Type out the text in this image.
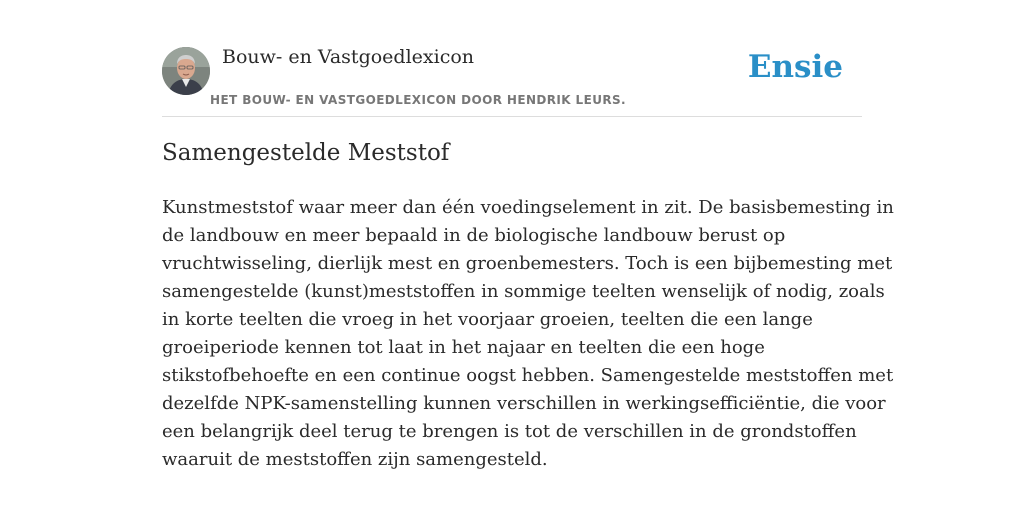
Bouw- en Vastgoedlexicon
HET BOUW- EN VASTGOEDLEXICON DOOR HENDRIK LEURS.
Ensie
Samengestelde Meststof
Kunstmeststof waar meer dan één voedingselement in zit. De basisbemesting in
de landbouw en meer bepaald in de biologische landbouw berust op
vruchtwisseling, dierlijk mest en groenbemesters. Toch is een bijbemesting met
samengestelde (kunst)meststoffen in sommige teelten wenselijk of nodig, zoals
in korte teelten die vroeg in het voorjaar groeien, teelten die een lange
groeiperiode kennen tot laat in het najaar en teelten die een hoge
stikstofbehoefte en een continue oogst hebben. Samengestelde meststoffen met
dezelfde NPK-samenstelling kunnen verschillen in werkingsefficiëntie, die voor
een belangrijk deel terug te brengen is tot de verschillen in de grondstoffen
waaruit de meststoffen zijn samengesteld.
